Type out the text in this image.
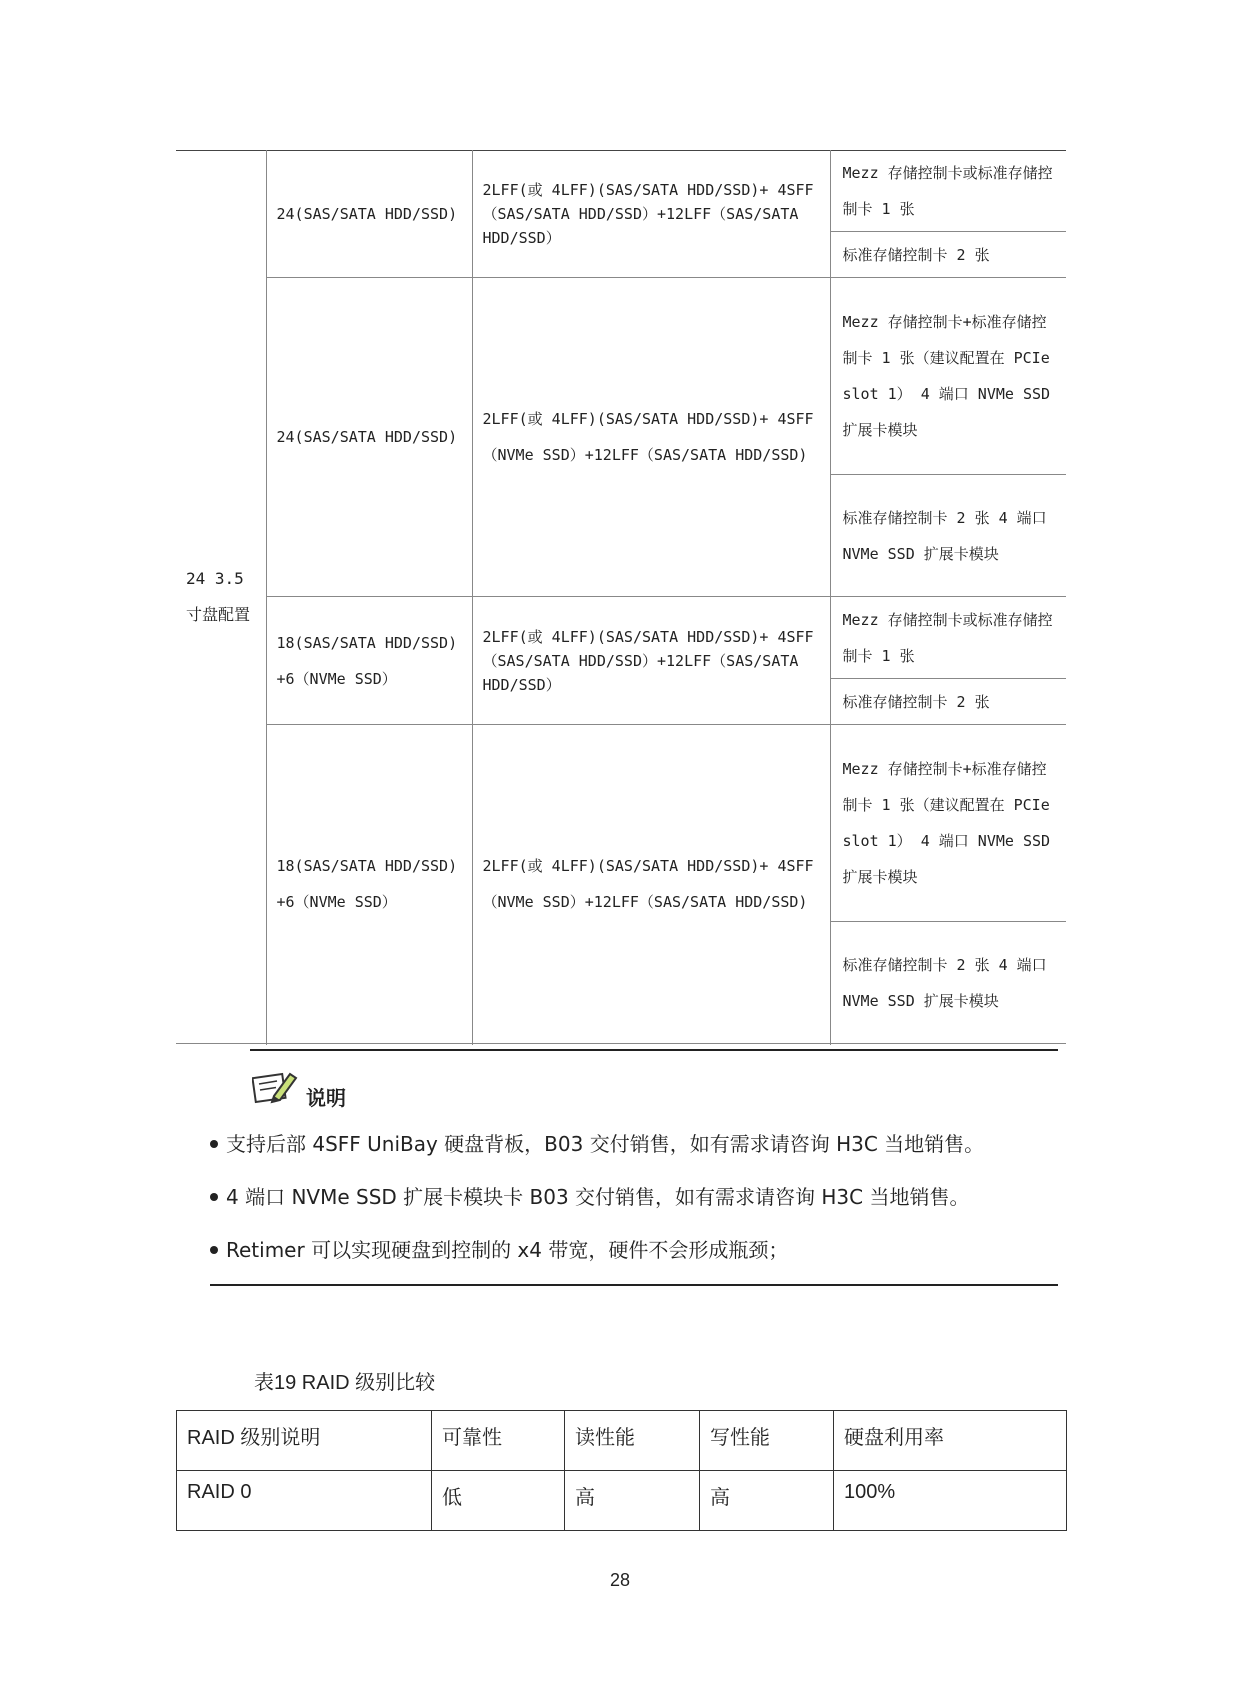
24 3.5 寸盘配置	24(SAS/SATA HDD/SSD)	2LFF(或 4LFF)(SAS/SATA HDD/SSD)+ 4SFF
（SAS/SATA HDD/SSD）+12LFF（SAS/SATA
HDD/SSD）	Mezz 存储控制卡或标准存储控制卡 1 张
			标准存储控制卡 2 张
	24(SAS/SATA HDD/SSD)	2LFF(或 4LFF)(SAS/SATA HDD/SSD)+ 4SFF （NVMe SSD）+12LFF（SAS/SATA HDD/SSD)	Mezz 存储控制卡+标准存储控制卡 1 张（建议配置在 PCIe slot 1） 4 端口 NVMe SSD 扩展卡模块
			标准存储控制卡 2 张 4 端口 NVMe SSD 扩展卡模块
	18(SAS/SATA HDD/SSD) +6（NVMe SSD）	2LFF(或 4LFF)(SAS/SATA HDD/SSD)+ 4SFF
（SAS/SATA HDD/SSD）+12LFF（SAS/SATA
HDD/SSD）	Mezz 存储控制卡或标准存储控制卡 1 张
			标准存储控制卡 2 张
	18(SAS/SATA HDD/SSD) +6（NVMe SSD）	2LFF(或 4LFF)(SAS/SATA HDD/SSD)+ 4SFF （NVMe SSD）+12LFF（SAS/SATA HDD/SSD)	Mezz 存储控制卡+标准存储控制卡 1 张（建议配置在 PCIe slot 1） 4 端口 NVMe SSD 扩展卡模块
			标准存储控制卡 2 张 4 端口 NVMe SSD 扩展卡模块

说明
支持后部 4SFF UniBay 硬盘背板，B03 交付销售，如有需求请咨询 H3C 当地销售。
4 端口 NVMe SSD 扩展卡模块卡 B03 交付销售，如有需求请咨询 H3C 当地销售。
Retimer 可以实现硬盘到控制的 x4 带宽，硬件不会形成瓶颈；
表19 RAID 级别比较
RAID 级别说明	可靠性	读性能	写性能	硬盘利用率
RAID 0	低	高	高	100%
28
